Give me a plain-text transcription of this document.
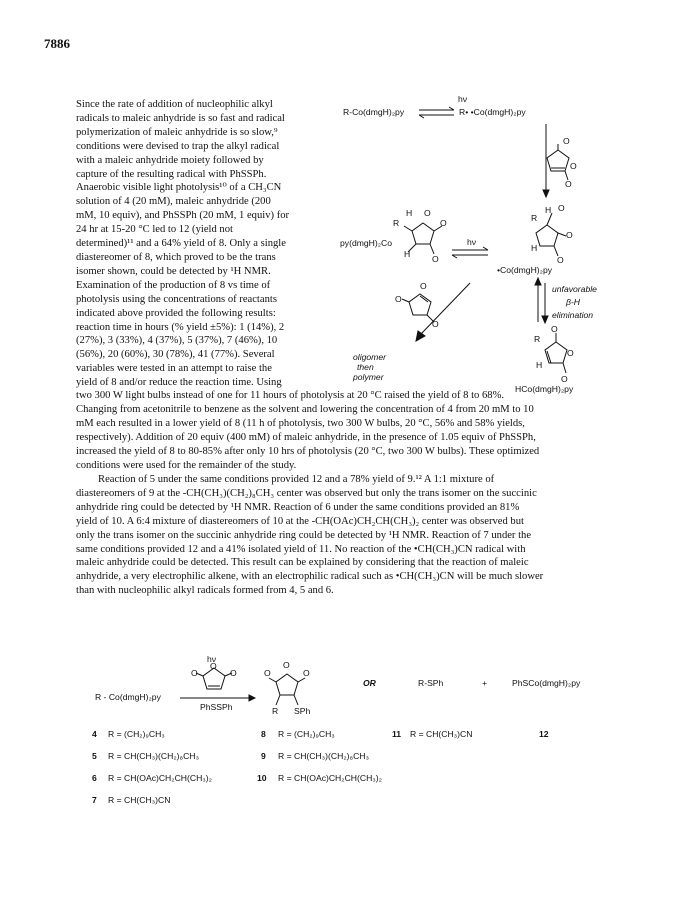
7886
Since the rate of addition of nucleophilic alkyl
radicals to maleic anhydride is so fast and radical
polymerization of maleic anhydride is so slow,⁹
conditions were devised to trap the alkyl radical
with a maleic anhydride moiety followed by
capture of the resulting radical with PhSSPh.
Anaerobic visible light photolysis¹⁰ of a CH₃CN
solution of 4 (20 mM), maleic anhydride (200
mM, 10 equiv), and PhSSPh (20 mM, 1 equiv) for
24 hr at 15-20 °C led to 12 (yield not
determined)¹¹ and a 64% yield of 8. Only a single
diastereomer of 8, which proved to be the trans
isomer shown, could be detected by ¹H NMR.
Examination of the production of 8 vs time of
photolysis using the concentrations of reactants
indicated above provided the following results:
reaction time in hours (% yield ±5%): 1 (14%), 2
(27%), 3 (33%), 4 (37%), 5 (37%), 7 (46%), 10
(56%), 20 (60%), 30 (78%), 41 (77%). Several
variables were tested in an attempt to raise the
yield of 8 and/or reduce the reaction time. Using
two 300 W light bulbs instead of one for 11 hours of photolysis at 20 °C raised the yield of 8 to 68%.
Changing from acetonitrile to benzene as the solvent and lowering the concentration of 4 from 20 mM to 10
mM each resulted in a lower yield of 8 (11 h of photolysis, two 300 W bulbs, 20 °C, 56% and 58% yields,
respectively). Addition of 20 equiv (400 mM) of maleic anhydride, in the presence of 1.05 equiv of PhSSPh,
increased the yield of 8 to 80-85% after only 10 hrs of photolysis (20 °C, two 300 W bulbs). These optimized
conditions were used for the remainder of the study.
Reaction of 5 under the same conditions provided 12 and a 78% yield of 9.¹² A 1:1 mixture of
diastereomers of 9 at the -CH(CH₃)(CH₂)₈CH₃ center was observed but only the trans isomer on the succinic
anhydride ring could be detected by ¹H NMR. Reaction of 6 under the same conditions provided an 81%
yield of 10. A 6:4 mixture of diastereomers of 10 at the -CH(OAc)CH₂CH(CH₃)₂ center was observed but
only the trans isomer on the succinic anhydride ring could be detected by ¹H NMR. Reaction of 7 under the
same conditions provided 12 and a 41% isolated yield of 11. No reaction of the •CH(CH₃)CN radical with
maleic anhydride could be detected. This result can be explained by considering that the reaction of maleic
anhydride, a very electrophilic alkene, with an electrophilic radical such as •CH(CH₃)CN will be much slower
than with nucleophilic alkyl radicals formed from 4, 5 and 6.
hν
R-Co(dmgH)₂py	R• •Co(dmgH)₂py
O
O
O
py(dmgH)₂Co
R
H O
O
H	O
hν
R
H O
O
H
O
•Co(dmgH)₂py
unfavorable
β-H
elimination
O
O
O
oligomer
then
polymer
O
R
O
H
O
HCo(dmgH)₂py
hν
O
O
O
R - Co(dmgH)₂py
PhSSPh
O
O
O
R SPh
OR	R-SPh	+	PhSCo(dmgH)₂py
4 R = (CH₂)₉CH₃
5 R = CH(CH₃)(CH₂)₈CH₃
6 R = CH(OAc)CH₂CH(CH₃)₂
7 R = CH(CH₃)CN
8 R = (CH₂)₉CH₃
9 R = CH(CH₃)(CH₂)₈CH₃
10 R = CH(OAc)CH₂CH(CH₃)₂
11 R = CH(CH₃)CN	12
